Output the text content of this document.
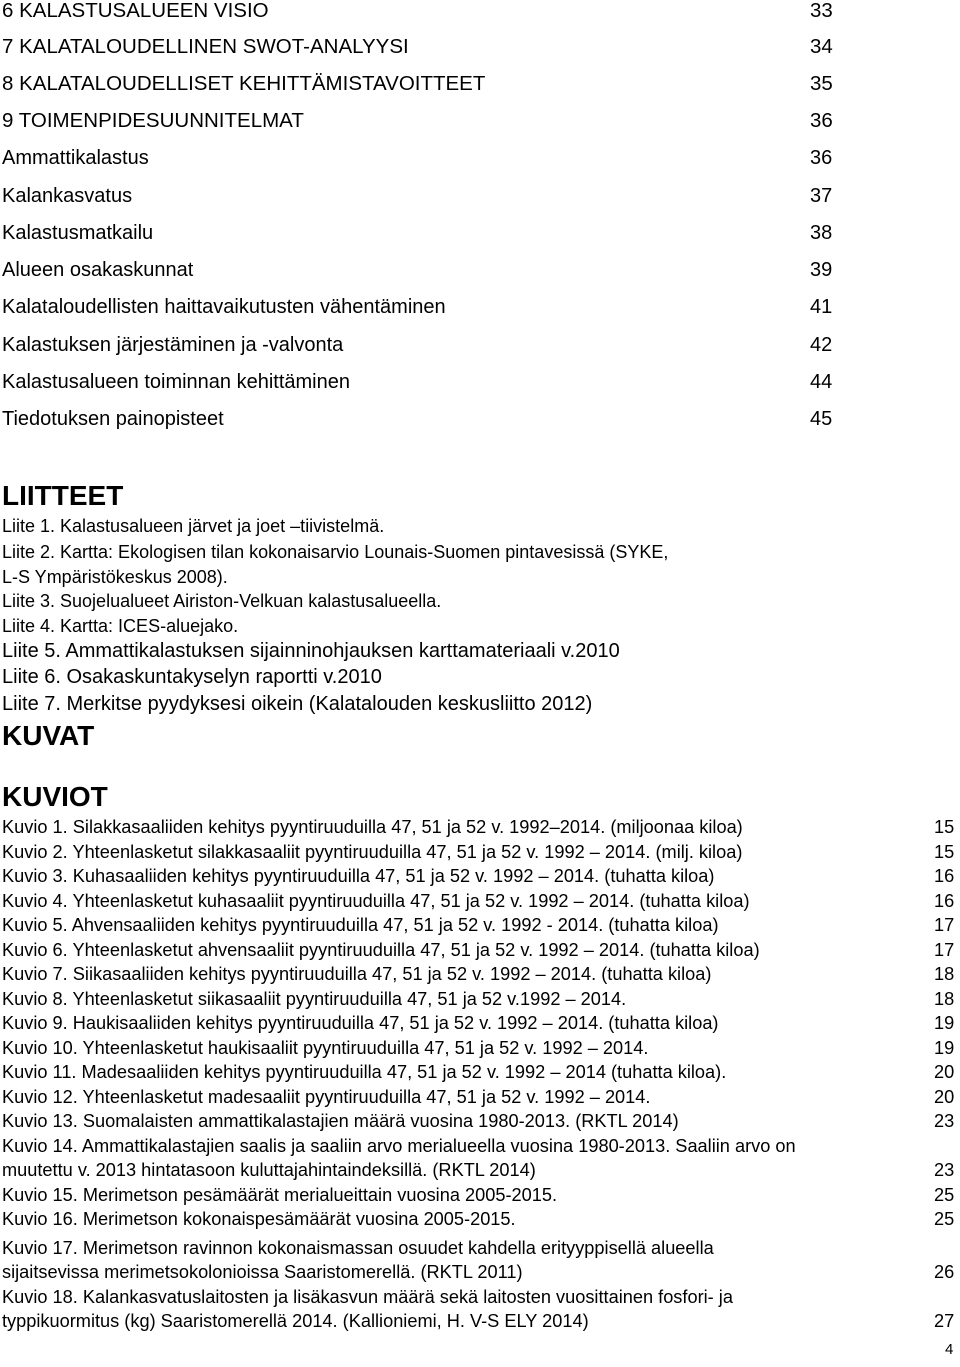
6 KALASTUSALUEEN VISIO	33
7 KALATALOUDELLINEN SWOT-ANALYYSI	34
8 KALATALOUDELLISET KEHITTÄMISTAVOITTEET	35
9 TOIMENPIDESUUNNITELMAT	36
Ammattikalastus	36
Kalankasvatus	37
Kalastusmatkailu	38
Alueen osakaskunnat	39
Kalataloudellisten haittavaikutusten vähentäminen	41
Kalastuksen järjestäminen ja -valvonta	42
Kalastusalueen toiminnan kehittäminen	44
Tiedotuksen painopisteet	45
LIITTEET
Liite 1. Kalastusalueen järvet ja joet –tiivistelmä.
Liite 2. Kartta: Ekologisen tilan kokonaisarvio Lounais-Suomen pintavesissä (SYKE,
L-S Ympäristökeskus 2008).
Liite 3. Suojelualueet Airiston-Velkuan kalastusalueella.
Liite 4. Kartta: ICES-aluejako.
Liite 5. Ammattikalastuksen sijainninohjauksen karttamateriaali v.2010
Liite 6. Osakaskuntakyselyn raportti v.2010
Liite 7. Merkitse pyydyksesi oikein (Kalatalouden keskusliitto 2012)
KUVAT
KUVIOT
Kuvio 1. Silakkasaaliiden kehitys pyyntiruuduilla 47, 51 ja 52 v. 1992–2014. (miljoonaa kiloa)	15
Kuvio 2. Yhteenlasketut silakkasaaliit pyyntiruuduilla 47, 51 ja 52 v. 1992 – 2014. (milj. kiloa)	15
Kuvio 3. Kuhasaaliiden kehitys pyyntiruuduilla 47, 51 ja 52 v. 1992 – 2014. (tuhatta kiloa)	16
Kuvio 4. Yhteenlasketut kuhasaaliit pyyntiruuduilla 47, 51 ja 52 v. 1992 – 2014. (tuhatta kiloa)	16
Kuvio 5. Ahvensaaliiden kehitys pyyntiruuduilla 47, 51 ja 52 v. 1992 - 2014. (tuhatta kiloa)	17
Kuvio 6. Yhteenlasketut ahvensaaliit pyyntiruuduilla 47, 51 ja 52 v. 1992 – 2014. (tuhatta kiloa)	17
Kuvio 7. Siikasaaliiden kehitys pyyntiruuduilla 47, 51 ja 52 v. 1992 – 2014. (tuhatta kiloa)	18
Kuvio 8. Yhteenlasketut siikasaaliit pyyntiruuduilla 47, 51 ja 52 v.1992 – 2014.	18
Kuvio 9. Haukisaaliiden kehitys pyyntiruuduilla 47, 51 ja 52 v. 1992 – 2014. (tuhatta kiloa)	19
Kuvio 10. Yhteenlasketut haukisaaliit pyyntiruuduilla 47, 51 ja 52 v. 1992 – 2014.	19
Kuvio 11. Madesaaliiden kehitys pyyntiruuduilla 47, 51 ja 52 v. 1992 – 2014 (tuhatta kiloa).	20
Kuvio 12. Yhteenlasketut madesaaliit pyyntiruuduilla 47, 51 ja 52 v. 1992 – 2014.	20
Kuvio 13. Suomalaisten ammattikalastajien määrä vuosina 1980-2013. (RKTL 2014)	23
Kuvio 14. Ammattikalastajien saalis ja saaliin arvo merialueella vuosina 1980-2013. Saaliin arvo on
muutettu v. 2013 hintatasoon kuluttajahintaindeksillä. (RKTL 2014)	23
Kuvio 15. Merimetson pesämäärät merialueittain vuosina 2005-2015.	25
Kuvio 16. Merimetson kokonaispesämäärät vuosina 2005-2015.	25
Kuvio 17. Merimetson ravinnon kokonaismassan osuudet kahdella erityyppisellä alueella
sijaitsevissa merimetsokolonioissa Saaristomerellä. (RKTL 2011)	26
Kuvio 18. Kalankasvatuslaitosten ja lisäkasvun määrä sekä laitosten vuosittainen fosfori- ja
typpikuormitus (kg) Saaristomerellä 2014. (Kallioniemi, H. V-S ELY 2014)	27
4
